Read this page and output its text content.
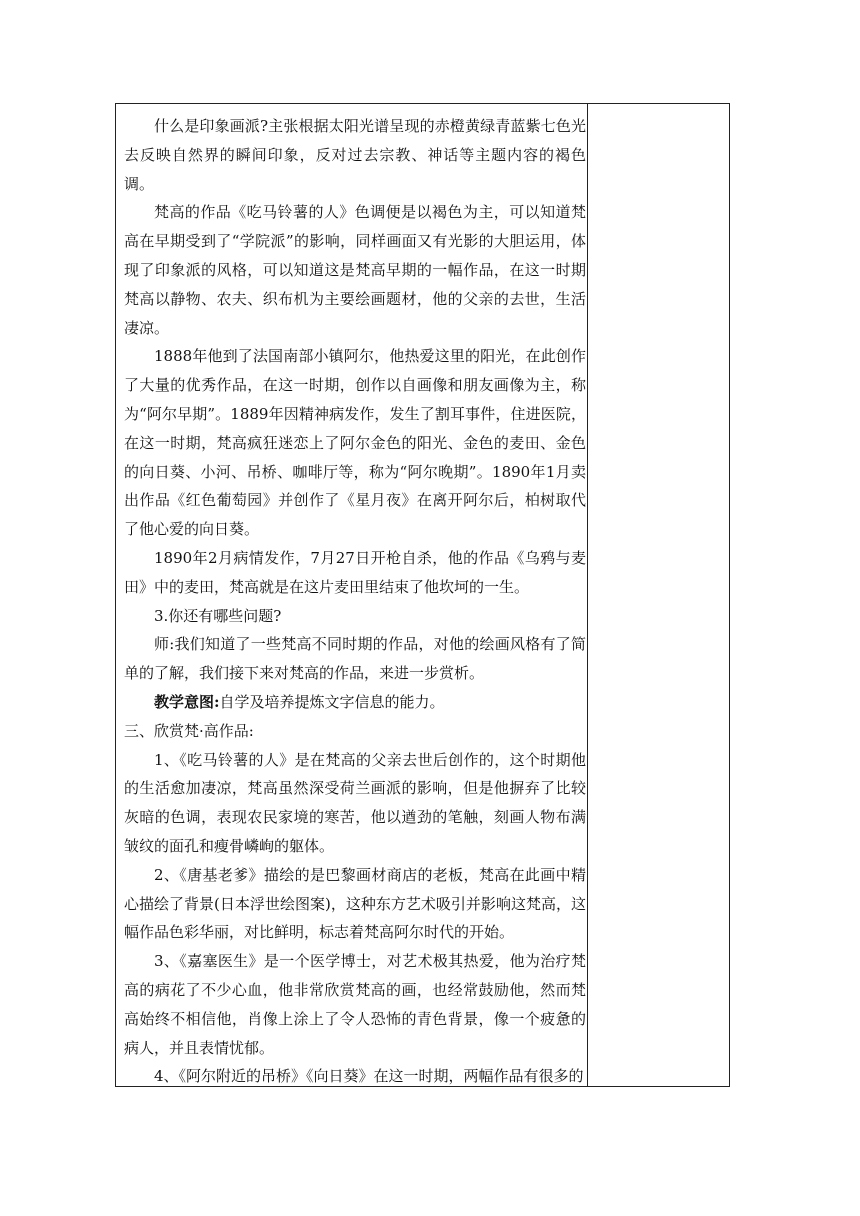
什么是印象画派?主张根据太阳光谱呈现的赤橙黄绿青蓝紫七色光去反映自然界的瞬间印象，反对过去宗教、神话等主题内容的褐色调。

梵高的作品《吃马铃薯的人》色调便是以褐色为主，可以知道梵高在早期受到了“学院派”的影响，同样画面又有光影的大胆运用，体现了印象派的风格，可以知道这是梵高早期的一幅作品，在这一时期梵高以静物、农夫、织布机为主要绘画题材，他的父亲的去世，生活凄凉。

1888年他到了法国南部小镇阿尔，他热爱这里的阳光，在此创作了大量的优秀作品，在这一时期，创作以自画像和朋友画像为主，称为“阿尔早期”。1889年因精神病发作，发生了割耳事件，住进医院，在这一时期，梵高疯狂迷恋上了阿尔金色的阳光、金色的麦田、金色的向日葵、小河、吊桥、咖啡厅等，称为“阿尔晚期”。1890年1月卖出作品《红色葡萄园》并创作了《星月夜》在离开阿尔后，柏树取代了他心爱的向日葵。

1890年2月病情发作，7月27日开枪自杀，他的作品《乌鸦与麦田》中的麦田，梵高就是在这片麦田里结束了他坎坷的一生。

3.你还有哪些问题?

师:我们知道了一些梵高不同时期的作品，对他的绘画风格有了简单的了解，我们接下来对梵高的作品，来进一步赏析。

教学意图:自学及培养提炼文字信息的能力。

三、欣赏梵·高作品:

1、《吃马铃薯的人》是在梵高的父亲去世后创作的，这个时期他的生活愈加凄凉，梵高虽然深受荷兰画派的影响，但是他摒弃了比较灰暗的色调，表现农民家境的寒苦，他以遒劲的笔触，刻画人物布满皱纹的面孔和瘦骨嶙峋的躯体。

2、《唐基老爹》描绘的是巴黎画材商店的老板，梵高在此画中精心描绘了背景(日本浮世绘图案)，这种东方艺术吸引并影响这梵高，这幅作品色彩华丽，对比鲜明，标志着梵高阿尔时代的开始。

3、《嘉塞医生》是一个医学博士，对艺术极其热爱，他为治疗梵高的病花了不少心血，他非常欣赏梵高的画，也经常鼓励他，然而梵高始终不相信他，肖像上涂上了令人恐怖的青色背景，像一个疲惫的病人，并且表情忧郁。

4、《阿尔附近的吊桥》《向日葵》在这一时期，两幅作品有很多的
